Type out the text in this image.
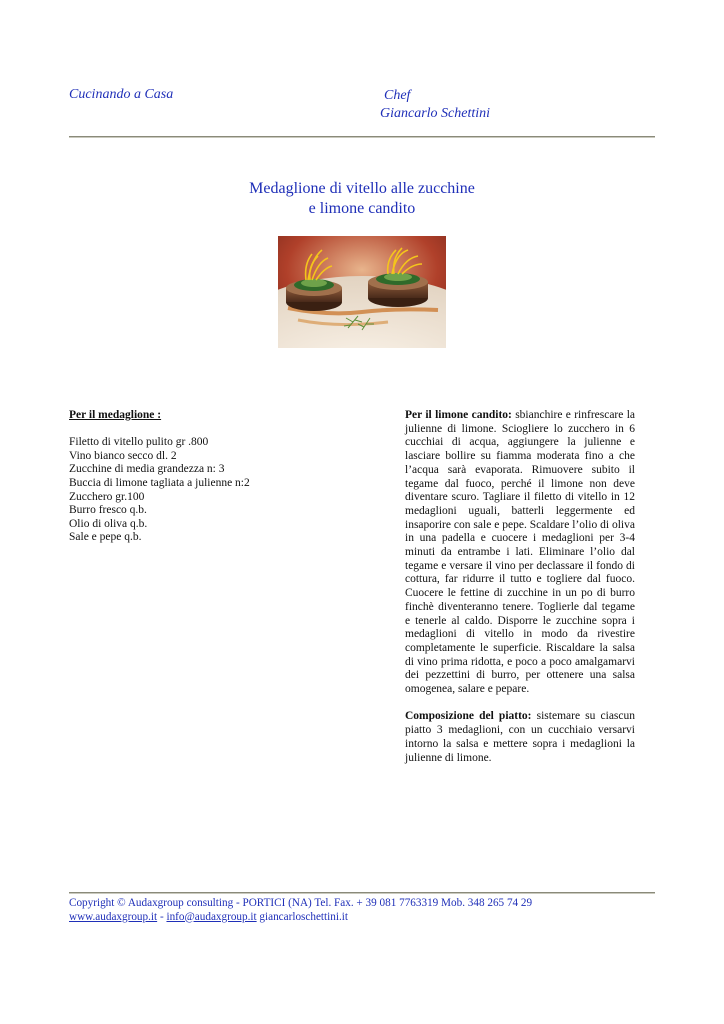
Cucinando a Casa	Chef
Giancarlo Schettini
Medaglione di vitello alle zucchine
e limone candito
Per il medaglione :
Filetto di vitello pulito gr .800
Vino bianco secco dl. 2
Zucchine di media grandezza n: 3
Buccia di limone tagliata a julienne n:2
Zucchero gr.100
Burro fresco q.b.
Olio di oliva q.b.
Sale e pepe q.b.

Per il limone candito: sbianchire e rinfrescare la julienne di limone. Sciogliere lo zucchero in 6 cucchiai di acqua, aggiungere la julienne e lasciare bollire su fiamma moderata fino a che l’acqua sarà evaporata. Rimuovere subito il tegame dal fuoco, perché il limone non deve diventare scuro. Tagliare il filetto di vitello in 12 medaglioni uguali, batterli leggermente ed insaporire con sale e pepe. Scaldare l’olio di oliva in una padella e cuocere i medaglioni per 3-4 minuti da entrambe i lati. Eliminare l’olio dal tegame e versare il vino per declassare il fondo di cottura, far ridurre il tutto e togliere dal fuoco. Cuocere le fettine di zucchine in un po di burro finchè diventeranno tenere. Toglierle dal tegame e tenerle al caldo. Disporre le zucchine sopra i medaglioni di vitello in modo da rivestire completamente le superficie. Riscaldare la salsa di vino prima ridotta, e poco a poco amalgamarvi dei pezzettini di burro, per ottenere una salsa omogenea, salare e pepare.

Composizione del piatto: sistemare su ciascun piatto 3 medaglioni, con un cucchiaio versarvi intorno la salsa e mettere sopra i medaglioni la julienne di limone.

Copyright © Audaxgroup consulting - PORTICI (NA) Tel. Fax. + 39 081 7763319 Mob. 348 265 74 29
www.audaxgroup.it - info@audaxgroup.it giancarloschettini.it
